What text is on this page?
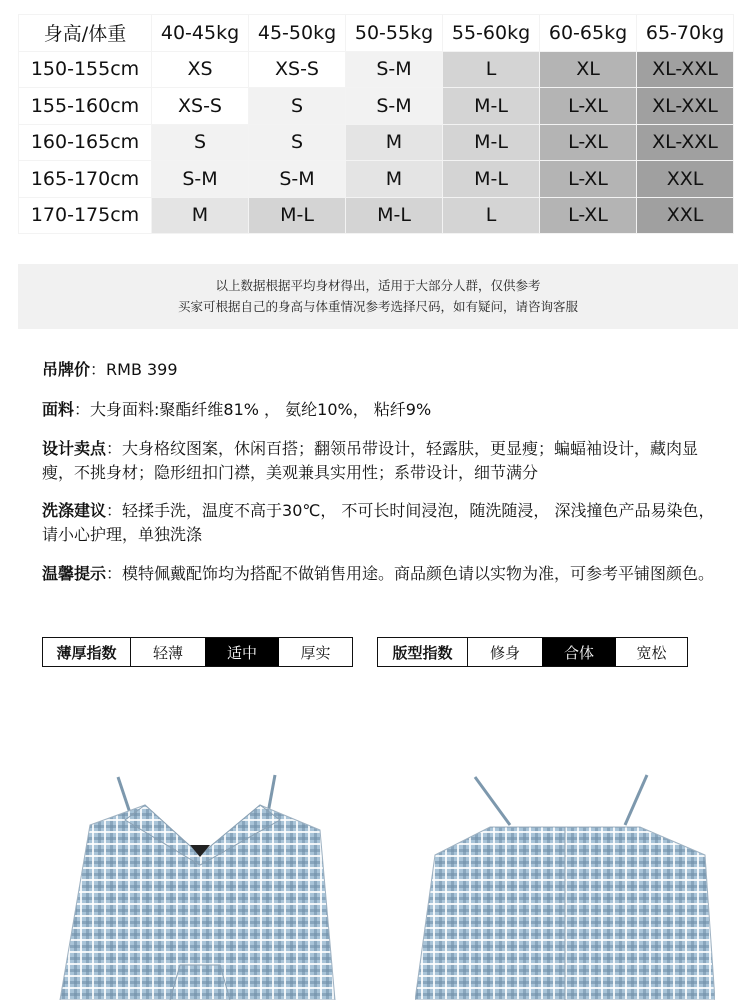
身高/体重	40-45kg	45-50kg	50-55kg	55-60kg	60-65kg	65-70kg
150-155cm	XS	XS-S	S-M	L	XL	XL-XXL
155-160cm	XS-S	S	S-M	M-L	L-XL	XL-XXL
160-165cm	S	S	M	M-L	L-XL	XL-XXL
165-170cm	S-M	S-M	M	M-L	L-XL	XXL
170-175cm	M	M-L	M-L	L	L-XL	XXL
以上数据根据平均身材得出，适用于大部分人群，仅供参考
买家可根据自己的身高与体重情况参考选择尺码，如有疑问，请咨询客服
吊牌价：RMB 399
面料：大身面料:聚酯纤维81% ， 氨纶10%， 粘纤9%
设计卖点：大身格纹图案，休闲百搭；翻领吊带设计，轻露肤，更显瘦；蝙蝠袖设计，藏肉显瘦，不挑身材；隐形纽扣门襟，美观兼具实用性；系带设计，细节满分
洗涤建议：轻揉手洗，温度不高于30℃， 不可长时间浸泡，随洗随浸， 深浅撞色产品易染色， 请小心护理，单独洗涤
温馨提示：模特佩戴配饰均为搭配不做销售用途。商品颜色请以实物为准，可参考平铺图颜色。
薄厚指数	轻薄	适中	厚实	版型指数	修身	合体	宽松
